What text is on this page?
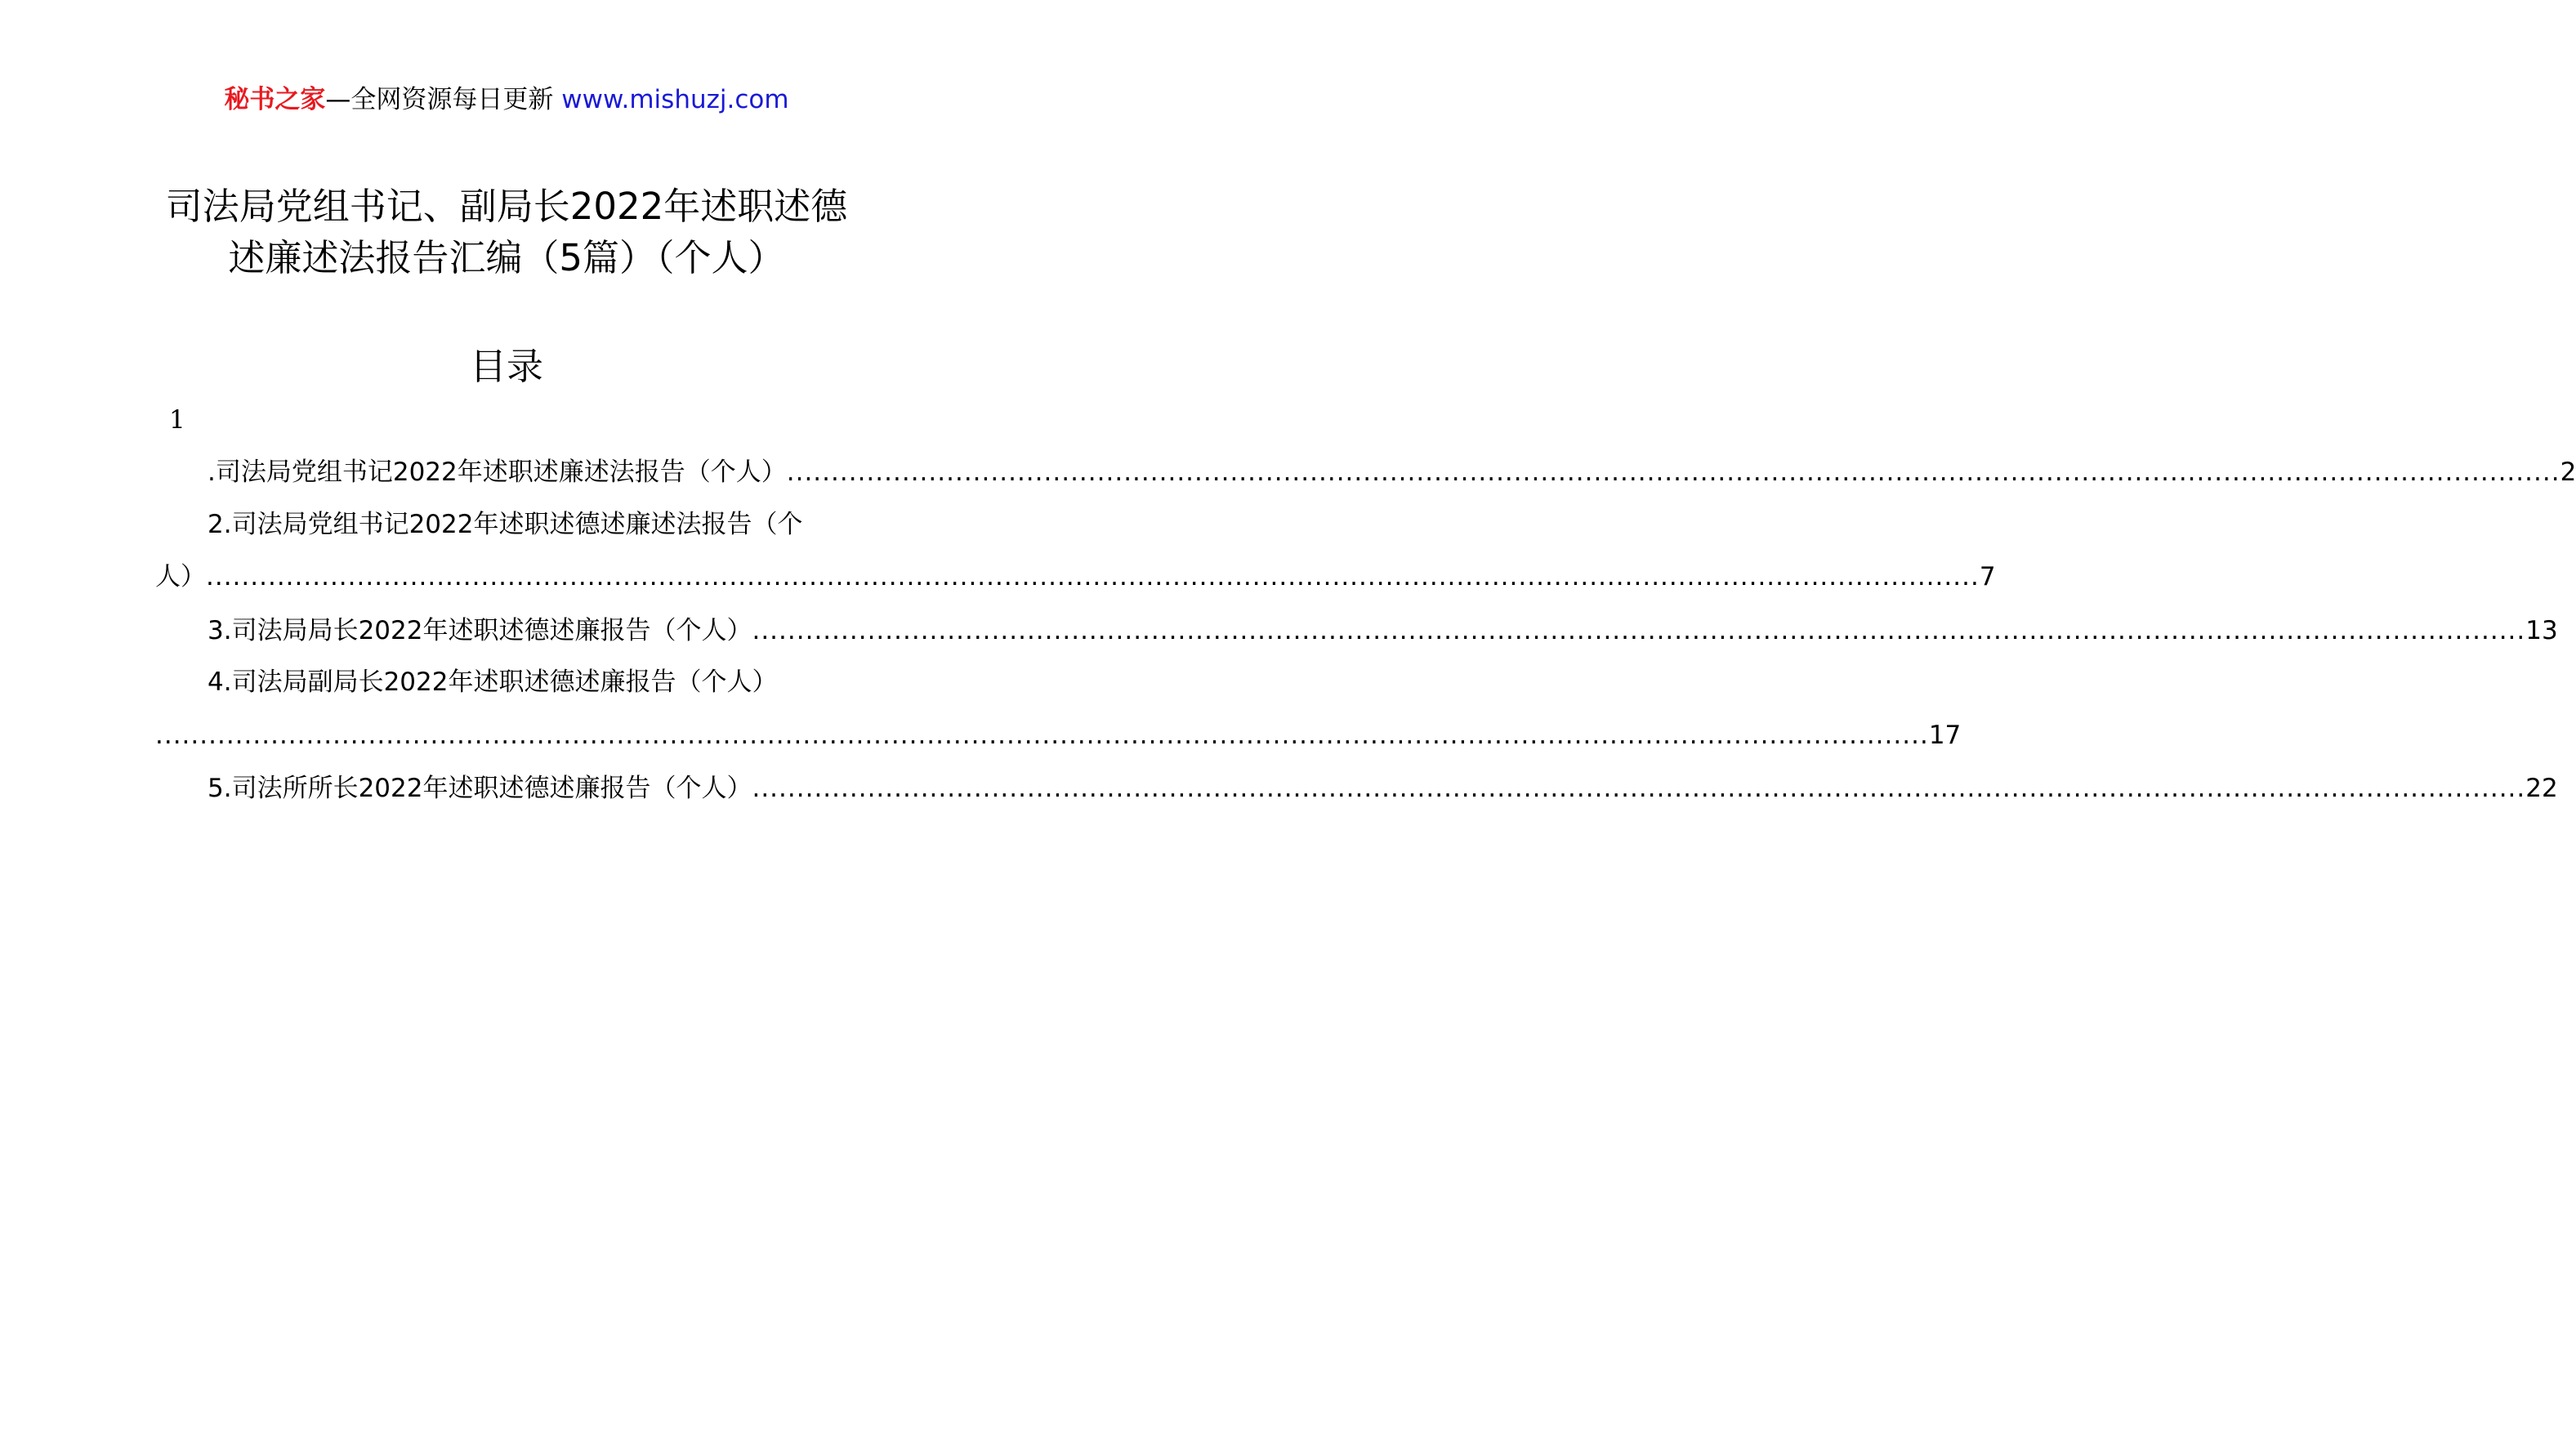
秘书之家—全网资源每日更新 www.mishuzj.com
司法局党组书记、副局长2022年述职述德
述廉述法报告汇编（5篇）（个人）
目录
1
.司法局党组书记2022年述职述廉述法报告（个人） ........................................................................................................................................................................................................ 2
2.司法局党组书记2022年述职述德述廉述法报告（个
人） ........................................................................................................................................................................................................ 7
3.司法局局长2022年述职述德述廉报告（个人） ........................................................................................................................................................................................................ 13
4.司法局副局长2022年述职述德述廉报告（个人）
........................................................................................................................................................................................................ 17
5.司法所所长2022年述职述德述廉报告（个人） ........................................................................................................................................................................................................ 22
